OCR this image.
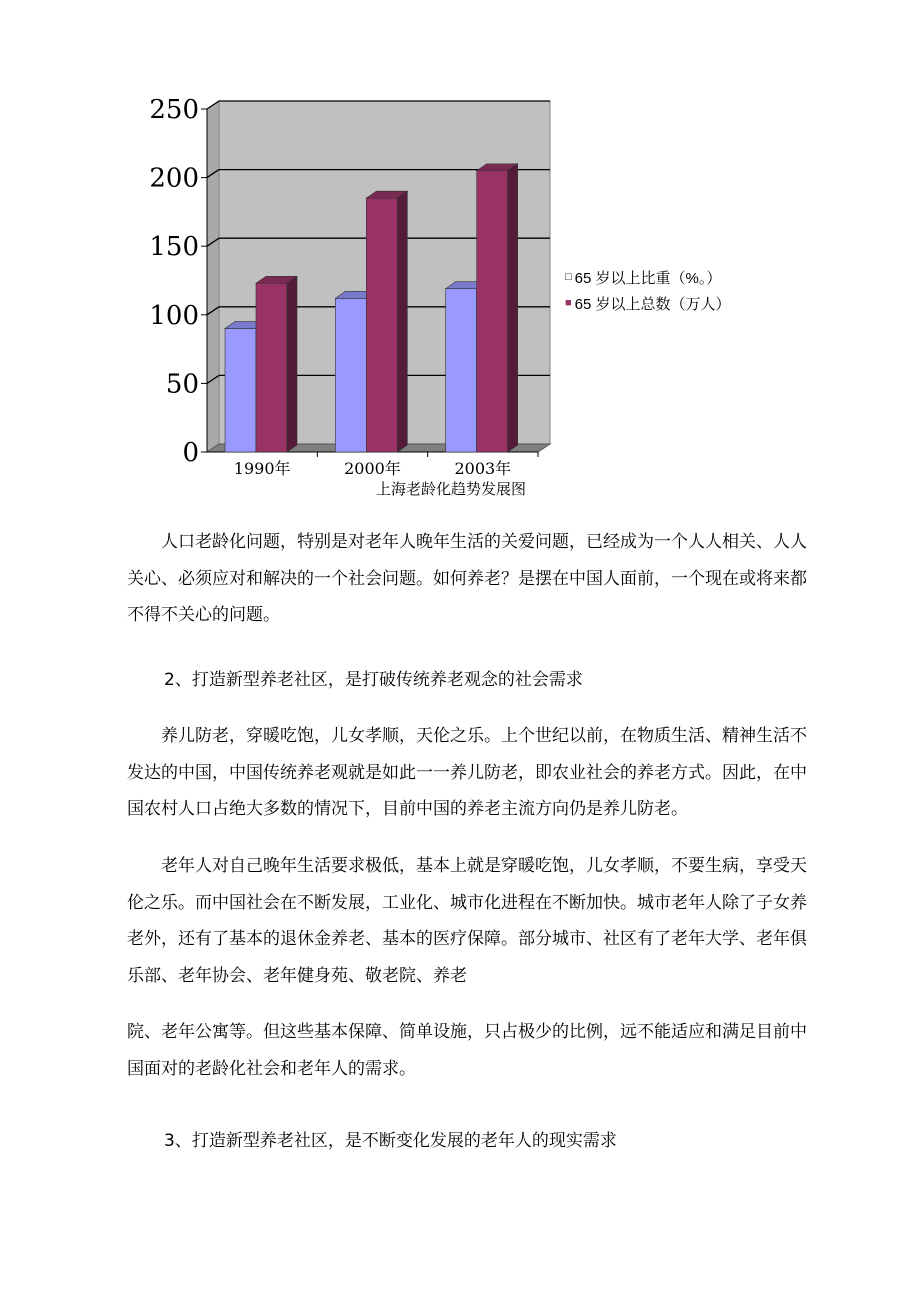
0
50
100
150
200
250
1990年	2000年	2003年
□ 65 岁以上比重（%。）
■ 65 岁以上总数（万人）
上海老龄化趋势发展图

人口老龄化问题，特别是对老年人晚年生活的关爱问题，已经成为一个人人相关、人人关心、必须应对和解决的一个社会问题。如何养老？是摆在中国人面前，一个现在或将来都不得不关心的问题。

2、打造新型养老社区，是打破传统养老观念的社会需求

养儿防老，穿暖吃饱，儿女孝顺，天伦之乐。上个世纪以前，在物质生活、精神生活不发达的中国，中国传统养老观就是如此一一养儿防老，即农业社会的养老方式。因此，在中国农村人口占绝大多数的情况下，目前中国的养老主流方向仍是养儿防老。

老年人对自己晚年生活要求极低，基本上就是穿暖吃饱，儿女孝顺，不要生病，享受天伦之乐。而中国社会在不断发展，工业化、城市化进程在不断加快。城市老年人除了子女养老外，还有了基本的退休金养老、基本的医疗保障。部分城市、社区有了老年大学、老年俱乐部、老年协会、老年健身苑、敬老院、养老

院、老年公寓等。但这些基本保障、简单设施，只占极少的比例，远不能适应和满足目前中国面对的老龄化社会和老年人的需求。

3、打造新型养老社区，是不断变化发展的老年人的现实需求
